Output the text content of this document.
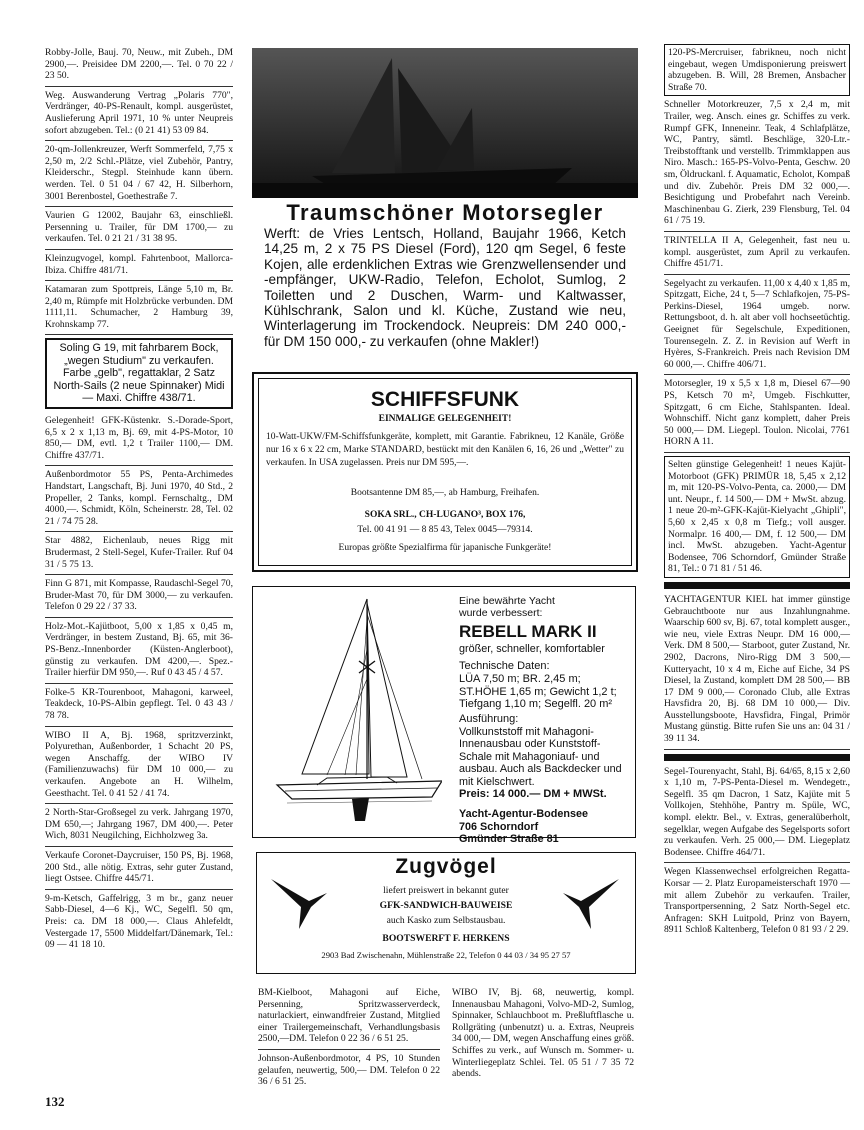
Robby-Jolle, Bauj. 70, Neuw., mit Zubeh., DM 2900,—. Preisidee DM 2200,—. Tel. 0 70 22 / 23 50.

Weg. Auswanderung Vertrag „Polaris 770", Verdränger, 40-PS-Renault, kompl. ausgerüstet, Auslieferung April 1971, 10 % unter Neupreis sofort abzugeben. Tel.: (0 21 41) 53 09 84.

20-qm-Jollenkreuzer, Werft Sommerfeld, 7,75 x 2,50 m, 2/2 Schl.-Plätze, viel Zubehör, Pantry, Kleiderschr., Stegpl. Steinhude kann übern. werden. Tel. 0 51 04 / 67 42, H. Silberhorn, 3001 Berenbostel, Goethestraße 7.

Vaurien G 12002, Baujahr 63, einschließl. Persenning u. Trailer, für DM 1700,— zu verkaufen. Tel. 0 21 21 / 31 38 95.

Kleinzugvogel, kompl. Fahrtenboot, Mallorca-Ibiza. Chiffre 481/71.

Katamaran zum Spottpreis, Länge 5,10 m, Br. 2,40 m, Rümpfe mit Holzbrücke verbunden. DM 1111,11. Schumacher, 2 Hamburg 39, Krohnskamp 77.

Soling G 19, mit fahrbarem Bock, „wegen Studium" zu verkaufen. Farbe „gelb", regattaklar, 2 Satz North-Sails (2 neue Spinnaker) Midi — Maxi. Chiffre 438/71.

Gelegenheit! GFK-Küstenkr. S.-Dorade-Sport, 6,5 x 2 x 1,13 m, Bj. 69, mit 4-PS-Motor, 10 850,— DM, evtl. 1,2 t Trailer 1100,— DM. Chiffre 437/71.

Außenbordmotor 55 PS, Penta-Archimedes Handstart, Langschaft, Bj. Juni 1970, 40 Std., 2 Propeller, 2 Tanks, kompl. Fernschaltg., DM 4000,—. Schmidt, Köln, Scheinerstr. 28, Tel. 02 21 / 74 75 28.

Star 4882, Eichenlaub, neues Rigg mit Brudermast, 2 Stell-Segel, Kufer-Trailer. Ruf 04 31 / 5 75 13.

Finn G 871, mit Kompasse, Raudaschl-Segel 70, Bruder-Mast 70, für DM 3000,— zu verkaufen. Telefon 0 29 22 / 37 33.

Holz-Mot.-Kajütboot, 5,00 x 1,85 x 0,45 m, Verdränger, in bestem Zustand, Bj. 65, mit 36-PS-Benz.-Innenborder (Küsten-Anglerboot), günstig zu verkaufen. DM 4200,—. Spez.-Trailer hierfür DM 950,—. Ruf 0 43 45 / 4 57.

Folke-5 KR-Tourenboot, Mahagoni, karweel, Teakdeck, 10-PS-Albin gepflegt. Tel. 0 43 43 / 78 78.

WIBO II A, Bj. 1968, spritzverzinkt, Polyurethan, Außenborder, 1 Schacht 20 PS, wegen Anschaffg. der WIBO IV (Familienzuwachs) für DM 10 000,— zu verkaufen. Angebote an H. Wilhelm, Geesthacht. Tel. 0 41 52 / 41 74.

2 North-Star-Großsegel zu verk. Jahrgang 1970, DM 650,—; Jahrgang 1967, DM 400,—. Peter Wich, 8031 Neugilching, Eichholzweg 3a.

Verkaufe Coronet-Daycruiser, 150 PS, Bj. 1968, 200 Std., alle nötig. Extras, sehr guter Zustand, liegt Ostsee. Chiffre 445/71.

9-m-Ketsch, Gaffelrigg, 3 m br., ganz neuer Sabb-Diesel, 4—6 Kj., WC, Segelfl. 50 qm, Preis: ca. DM 18 000,—. Claus Ahlefeldt, Vestergade 17, 5500 Middelfart/Dänemark, Tel.: 09 — 41 18 10.

Traumschöner Motorsegler
Werft: de Vries Lentsch, Holland, Baujahr 1966, Ketch 14,25 m, 2 x 75 PS Diesel (Ford), 120 qm Segel, 6 feste Kojen, alle erdenklichen Extras wie Grenzwellensender und -empfänger, UKW-Radio, Telefon, Echolot, Sumlog, 2 Toiletten und 2 Duschen, Warm- und Kaltwasser, Kühlschrank, Salon und kl. Küche, Zustand wie neu, Winterlagerung im Trockendock. Neupreis: DM 240 000,- für DM 150 000,- zu verkaufen (ohne Makler!)
SCHIFFSFUNK
EINMALIGE GELEGENHEIT!
10-Watt-UKW/FM-Schiffsfunkgeräte, komplett, mit Garantie. Fabrikneu, 12 Kanäle, Größe nur 16 x 6 x 22 cm, Marke STANDARD, bestückt mit den Kanälen 6, 16, 26 und „Wetter" zu verkaufen. In USA zugelassen. Preis nur DM 595,—.
Bootsantenne DM 85,—, ab Hamburg, Freihafen.
SOKA SRL., CH-LUGANO³, BOX 176,
Tel. 00 41 91 — 8 85 43, Telex 0045—79314.
Europas größte Spezialfirma für japanische Funkgeräte!
Eine bewährte Yacht
wurde verbessert:
REBELL MARK II
größer, schneller, komfortabler
Technische Daten:
LÜA 7,50 m; BR. 2,45 m;
ST.HÖHE 1,65 m; Gewicht 1,2 t;
Tiefgang 1,10 m; Segelfl. 20 m²
Ausführung:
Vollkunststoff mit Mahagoni-Innenausbau oder Kunststoff-Schale mit Mahagoniauf- und ausbau. Auch als Backdecker und mit Kielschwert.
Preis: 14 000.— DM + MWSt.
Yacht-Agentur-Bodensee
706 Schorndorf
Gmünder Straße 81
Zugvögel
liefert preiswert in bekannt guter
GFK-SANDWICH-BAUWEISE
auch Kasko zum Selbstausbau.
BOOTSWERFT F. HERKENS
2903 Bad Zwischenahn, Mühlenstraße 22, Telefon 0 44 03 / 34 95 27 57

BM-Kielboot, Mahagoni auf Eiche, Persenning, Spritzwasserverdeck, naturlackiert, einwandfreier Zustand, Mitglied einer Trailergemeinschaft, Verhandlungsbasis 2500,—DM. Telefon 0 22 36 / 6 51 25.

Johnson-Außenbordmotor, 4 PS, 10 Stunden gelaufen, neuwertig, 500,— DM. Telefon 0 22 36 / 6 51 25.

WIBO IV, Bj. 68, neuwertig, kompl. Innenausbau Mahagoni, Volvo-MD-2, Sumlog, Spinnaker, Schlauchboot m. Preßluftflasche u. Rollgräting (unbenutzt) u. a. Extras, Neupreis 34 000,— DM, wegen Anschaffung eines größ. Schiffes zu verk., auf Wunsch m. Sommer- u. Winterliegeplatz Schlei. Tel. 05 51 / 7 35 72 abends.

120-PS-Mercruiser, fabrikneu, noch nicht eingebaut, wegen Umdisponierung preiswert abzugeben. B. Will, 28 Bremen, Ansbacher Straße 70.

Schneller Motorkreuzer, 7,5 x 2,4 m, mit Trailer, weg. Ansch. eines gr. Schiffes zu verk. Rumpf GFK, Inneneinr. Teak, 4 Schlafplätze, WC, Pantry, sämtl. Beschläge, 320-Ltr.-Treibstofftank und verstellb. Trimmklappen aus Niro. Masch.: 165-PS-Volvo-Penta, Geschw. 20 sm, Öldruckanl. f. Aquamatic, Echolot, Kompaß und div. Zubehör. Preis DM 32 000,—. Besichtigung und Probefahrt nach Vereinb. Maschinenbau G. Zierk, 239 Flensburg, Tel. 04 61 / 75 19.

TRINTELLA II A, Gelegenheit, fast neu u. kompl. ausgerüstet, zum April zu verkaufen. Chiffre 451/71.

Segelyacht zu verkaufen. 11,00 x 4,40 x 1,85 m, Spitzgatt, Eiche, 24 t, 5—7 Schlafkojen, 75-PS-Perkins-Diesel, 1964 umgeb. norw. Rettungsboot, d. h. alt aber voll hochseetüchtig. Geeignet für Segelschule, Expeditionen, Tourensegeln. Z. Z. in Revision auf Werft in Hyères, S-Frankreich. Preis nach Revision DM 60 000,—. Chiffre 406/71.

Motorsegler, 19 x 5,5 x 1,8 m, Diesel 67—90 PS, Ketsch 70 m², Umgeb. Fischkutter, Spitzgatt, 6 cm Eiche, Stahlspanten. Ideal. Wohnschiff. Nicht ganz komplett, daher Preis 50 000,— DM. Liegepl. Toulon. Nicolai, 7761 HORN A 11.

Selten günstige Gelegenheit! 1 neues Kajüt-Motorboot (GFK) PRIMÜR 18, 5,45 x 2,12 m, mit 120-PS-Volvo-Penta, ca. 2000,— DM unt. Neupr., f. 14 500,— DM + MwSt. abzug. 1 neue 20-m²-GFK-Kajüt-Kielyacht „Ghipli", 5,60 x 2,45 x 0,8 m Tiefg.; voll ausger. Normalpr. 16 400,— DM, f. 12 500,— DM incl. MwSt. abzugeben. Yacht-Agentur Bodensee, 706 Schorndorf, Gmünder Straße 81, Tel.: 0 71 81 / 51 46.

YACHTAGENTUR KIEL hat immer günstige Gebrauchtboote nur aus Inzahlungnahme. Waarschip 600 sv, Bj. 67, total komplett ausger., wie neu, viele Extras Neupr. DM 16 000,— Verk. DM 8 500,— Starboot, guter Zustand, Nr. 2902, Dacrons, Niro-Rigg DM 3 500,— Kutteryacht, 10 x 4 m, Eiche auf Eiche, 34 PS Diesel, la Zustand, komplett DM 28 500,— BB 17 DM 9 000,— Coronado Club, alle Extras Havsfidra 20, Bj. 68 DM 10 000,— Div. Ausstellungsboote, Havsfidra, Fingal, Primör Mustang günstig. Bitte rufen Sie uns an: 04 31 / 39 11 34.

Segel-Tourenyacht, Stahl, Bj. 64/65, 8,15 x 2,60 x 1,10 m, 7-PS-Penta-Diesel m. Wendegetr., Segelfl. 35 qm Dacron, 1 Satz, Kajüte mit 5 Vollkojen, Stehhöhe, Pantry m. Spüle, WC, kompl. elektr. Bel., v. Extras, generalüberholt, segelklar, wegen Aufgabe des Segelsports sofort zu verkaufen. Verh. 25 000,— DM. Liegeplatz Bodensee. Chiffre 464/71.

Wegen Klassenwechsel erfolgreichen Regatta-Korsar — 2. Platz Europameisterschaft 1970 — mit allem Zubehör zu verkaufen. Trailer, Transportpersenning, 2 Satz North-Segel etc. Anfragen: SKH Luitpold, Prinz von Bayern, 8911 Schloß Kaltenberg, Telefon 0 81 93 / 2 29.

132
